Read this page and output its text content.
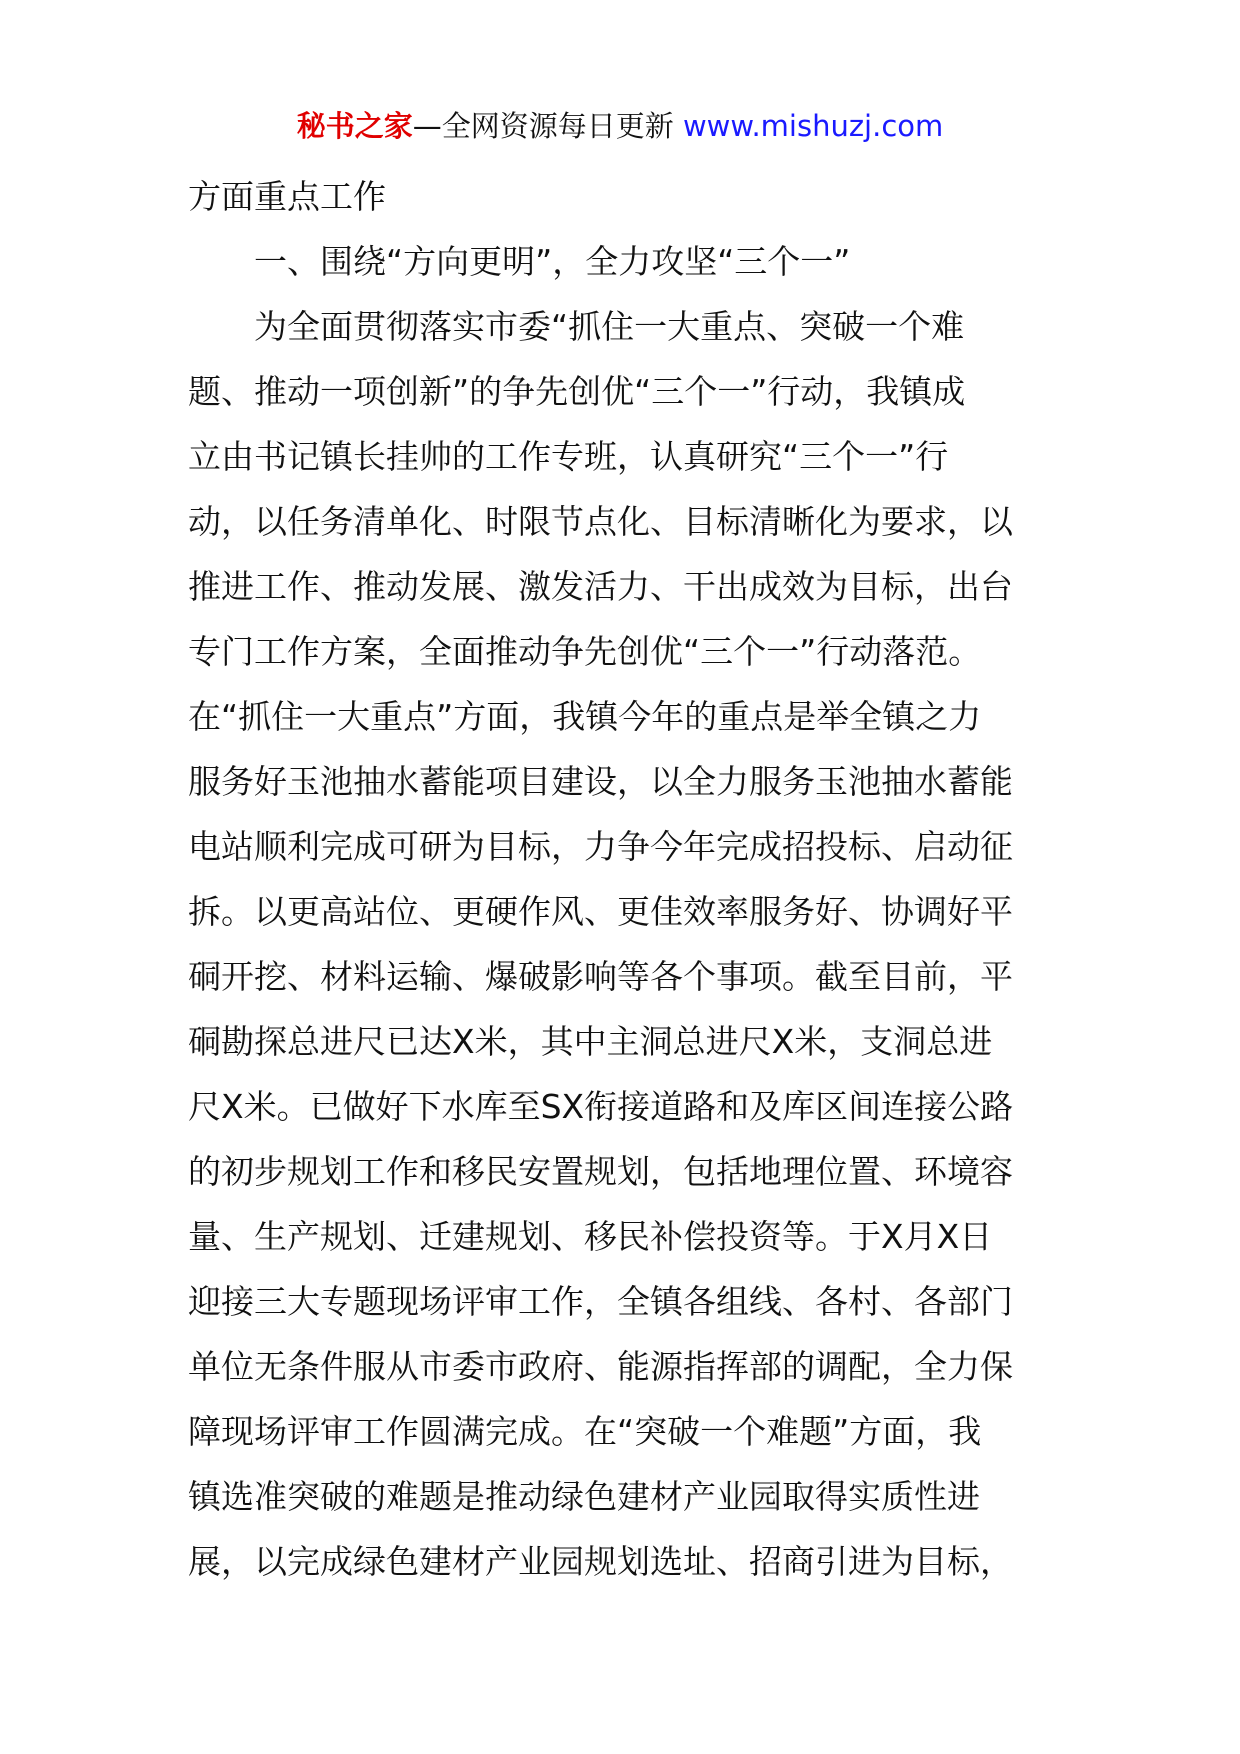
秘书之家—全网资源每日更新 www.mishuzj.com
方面重点工作
一、围绕“方向更明”，全力攻坚“三个一”
为全面贯彻落实市委“抓住一大重点、突破一个难
题、推动一项创新”的争先创优“三个一”行动，我镇成
立由书记镇长挂帅的工作专班，认真研究“三个一”行
动，以任务清单化、时限节点化、目标清晰化为要求，以
推进工作、推动发展、激发活力、干出成效为目标，出台
专门工作方案，全面推动争先创优“三个一”行动落范。
在“抓住一大重点”方面，我镇今年的重点是举全镇之力
服务好玉池抽水蓄能项目建设，以全力服务玉池抽水蓄能
电站顺利完成可研为目标，力争今年完成招投标、启动征
拆。以更高站位、更硬作风、更佳效率服务好、协调好平
硐开挖、材料运输、爆破影响等各个事项。截至目前，平
硐勘探总进尺已达X米，其中主洞总进尺X米，支洞总进
尺X米。已做好下水库至SX衔接道路和及库区间连接公路
的初步规划工作和移民安置规划，包括地理位置、环境容
量、生产规划、迁建规划、移民补偿投资等。于X月X日
迎接三大专题现场评审工作，全镇各组线、各村、各部门
单位无条件服从市委市政府、能源指挥部的调配，全力保
障现场评审工作圆满完成。在“突破一个难题”方面，我
镇选准突破的难题是推动绿色建材产业园取得实质性进
展，以完成绿色建材产业园规划选址、招商引进为目标，
